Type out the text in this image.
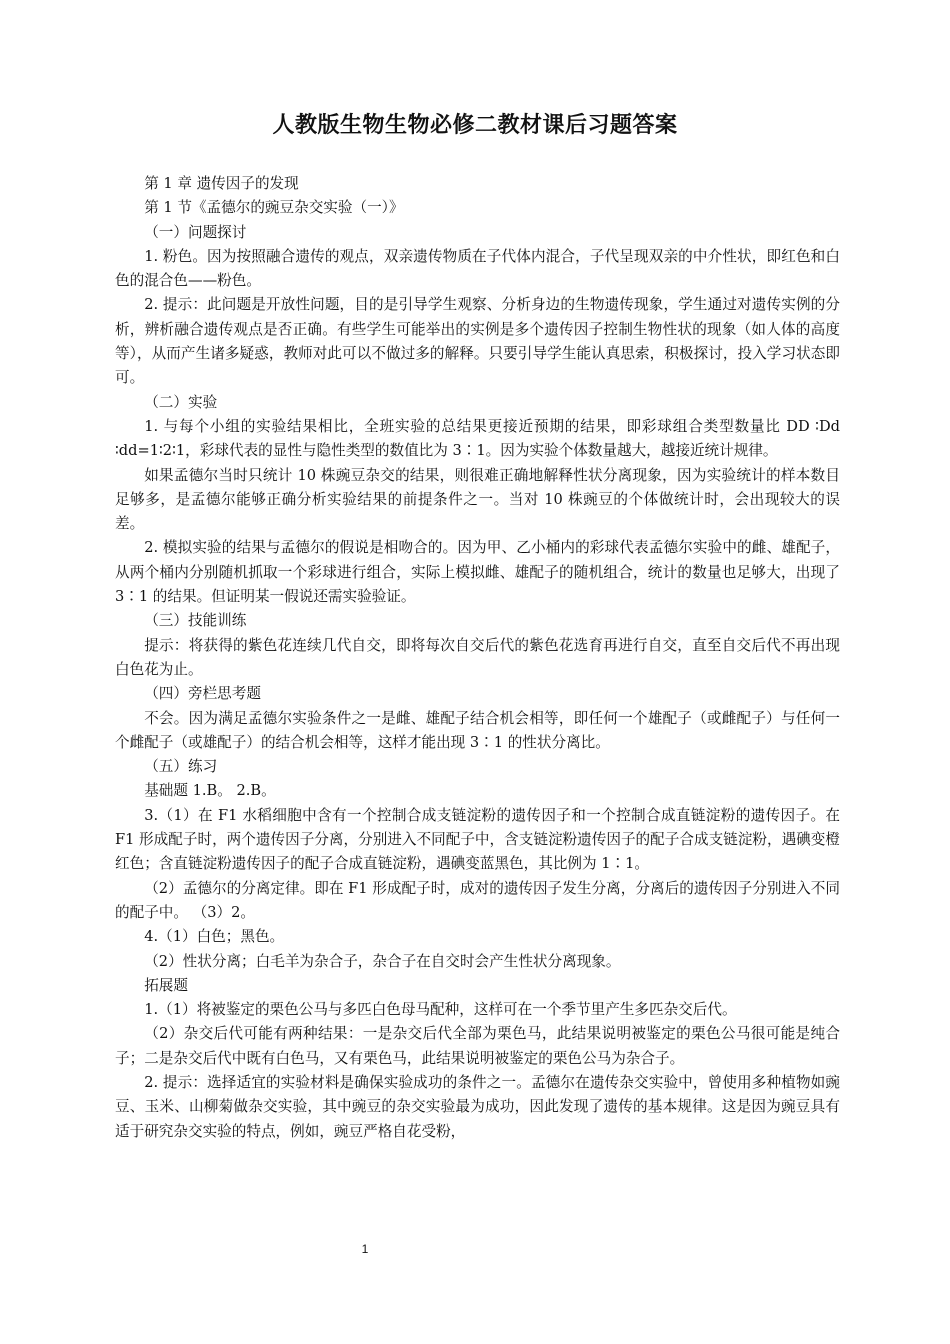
人教版生物生物必修二教材课后习题答案

第 1 章 遗传因子的发现

第 1 节《孟德尔的豌豆杂交实验（一）》

（一）问题探讨

1. 粉色。因为按照融合遗传的观点，双亲遗传物质在子代体内混合，子代呈现双亲的中介性状，即红色和白色的混合色——粉色。

2. 提示：此问题是开放性问题，目的是引导学生观察、分析身边的生物遗传现象，学生通过对遗传实例的分析，辨析融合遗传观点是否正确。有些学生可能举出的实例是多个遗传因子控制生物性状的现象（如人体的高度等），从而产生诸多疑惑，教师对此可以不做过多的解释。只要引导学生能认真思索，积极探讨，投入学习状态即可。

（二）实验

1. 与每个小组的实验结果相比，全班实验的总结果更接近预期的结果，即彩球组合类型数量比 DD ∶Dd ∶dd=1∶2∶1，彩球代表的显性与隐性类型的数值比为 3∶1。因为实验个体数量越大，越接近统计规律。

如果孟德尔当时只统计 10 株豌豆杂交的结果，则很难正确地解释性状分离现象，因为实验统计的样本数目足够多，是孟德尔能够正确分析实验结果的前提条件之一。当对 10 株豌豆的个体做统计时，会出现较大的误差。

2. 模拟实验的结果与孟德尔的假说是相吻合的。因为甲、乙小桶内的彩球代表孟德尔实验中的雌、雄配子，从两个桶内分别随机抓取一个彩球进行组合，实际上模拟雌、雄配子的随机组合，统计的数量也足够大，出现了 3∶1 的结果。但证明某一假说还需实验验证。

（三）技能训练

提示：将获得的紫色花连续几代自交，即将每次自交后代的紫色花选育再进行自交，直至自交后代不再出现白色花为止。

（四）旁栏思考题

不会。因为满足孟德尔实验条件之一是雌、雄配子结合机会相等，即任何一个雄配子（或雌配子）与任何一个雌配子（或雄配子）的结合机会相等，这样才能出现 3∶1 的性状分离比。

（五）练习

基础题 1.B。 2.B。

3.（1）在 F1 水稻细胞中含有一个控制合成支链淀粉的遗传因子和一个控制合成直链淀粉的遗传因子。在 F1 形成配子时，两个遗传因子分离，分别进入不同配子中，含支链淀粉遗传因子的配子合成支链淀粉，遇碘变橙红色；含直链淀粉遗传因子的配子合成直链淀粉，遇碘变蓝黑色，其比例为 1∶1。

（2）孟德尔的分离定律。即在 F1 形成配子时，成对的遗传因子发生分离，分离后的遗传因子分别进入不同的配子中。 （3）2。

4.（1）白色；黑色。

（2）性状分离；白毛羊为杂合子，杂合子在自交时会产生性状分离现象。

拓展题

1.（1）将被鉴定的栗色公马与多匹白色母马配种，这样可在一个季节里产生多匹杂交后代。

（2）杂交后代可能有两种结果：一是杂交后代全部为栗色马，此结果说明被鉴定的栗色公马很可能是纯合子；二是杂交后代中既有白色马，又有栗色马，此结果说明被鉴定的栗色公马为杂合子。

2. 提示：选择适宜的实验材料是确保实验成功的条件之一。孟德尔在遗传杂交实验中，曾使用多种植物如豌豆、玉米、山柳菊做杂交实验，其中豌豆的杂交实验最为成功，因此发现了遗传的基本规律。这是因为豌豆具有适于研究杂交实验的特点，例如，豌豆严格自花受粉，

1
